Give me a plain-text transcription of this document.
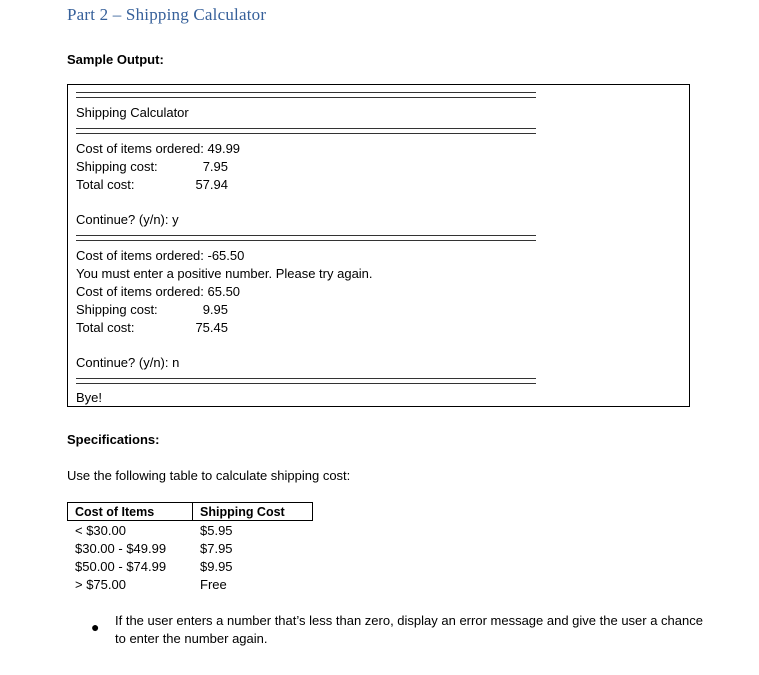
Part 2 – Shipping Calculator
Sample Output:
Shipping Calculator
Cost of items ordered: 49.99
Shipping cost:	7.95
Total cost:	57.94
Continue? (y/n): y
Cost of items ordered: -65.50
You must enter a positive number. Please try again.
Cost of items ordered: 65.50
Shipping cost:	9.95
Total cost:	75.45
Continue? (y/n): n
Bye!
Specifications:
Use the following table to calculate shipping cost:
Cost of Items	Shipping Cost
< $30.00	$5.95
$30.00 - $49.99	$7.95
$50.00 - $74.99	$9.95
> $75.00	Free
● If the user enters a number that’s less than zero, display an error message and give the user a chance to enter the number again.
